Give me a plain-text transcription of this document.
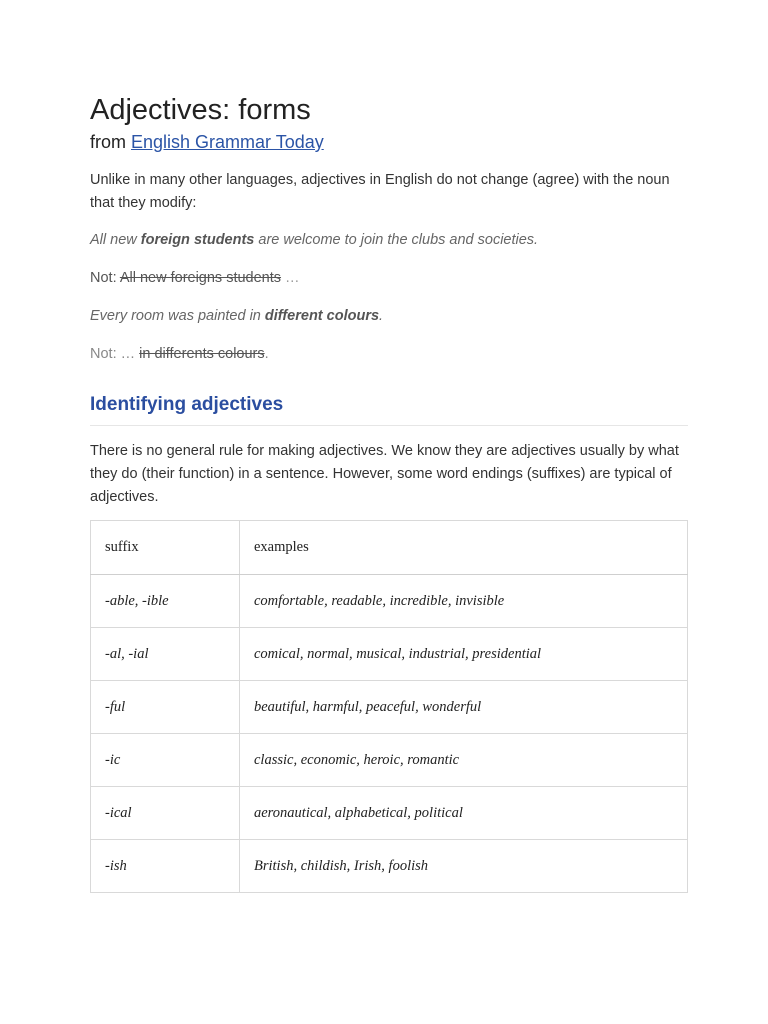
Adjectives: forms

from English Grammar Today

Unlike in many other languages, adjectives in English do not change (agree) with the noun that they modify:

All new foreign students are welcome to join the clubs and societies.

Not: All new foreigns students …

Every room was painted in different colours.

Not: … in differents colours.

Identifying adjectives

There is no general rule for making adjectives. We know they are adjectives usually by what they do (their function) in a sentence. However, some word endings (suffixes) are typical of adjectives.

suffix	examples
-able, -ible	comfortable, readable, incredible, invisible
-al, -ial	comical, normal, musical, industrial, presidential
-ful	beautiful, harmful, peaceful, wonderful
-ic	classic, economic, heroic, romantic
-ical	aeronautical, alphabetical, political
-ish	British, childish, Irish, foolish
